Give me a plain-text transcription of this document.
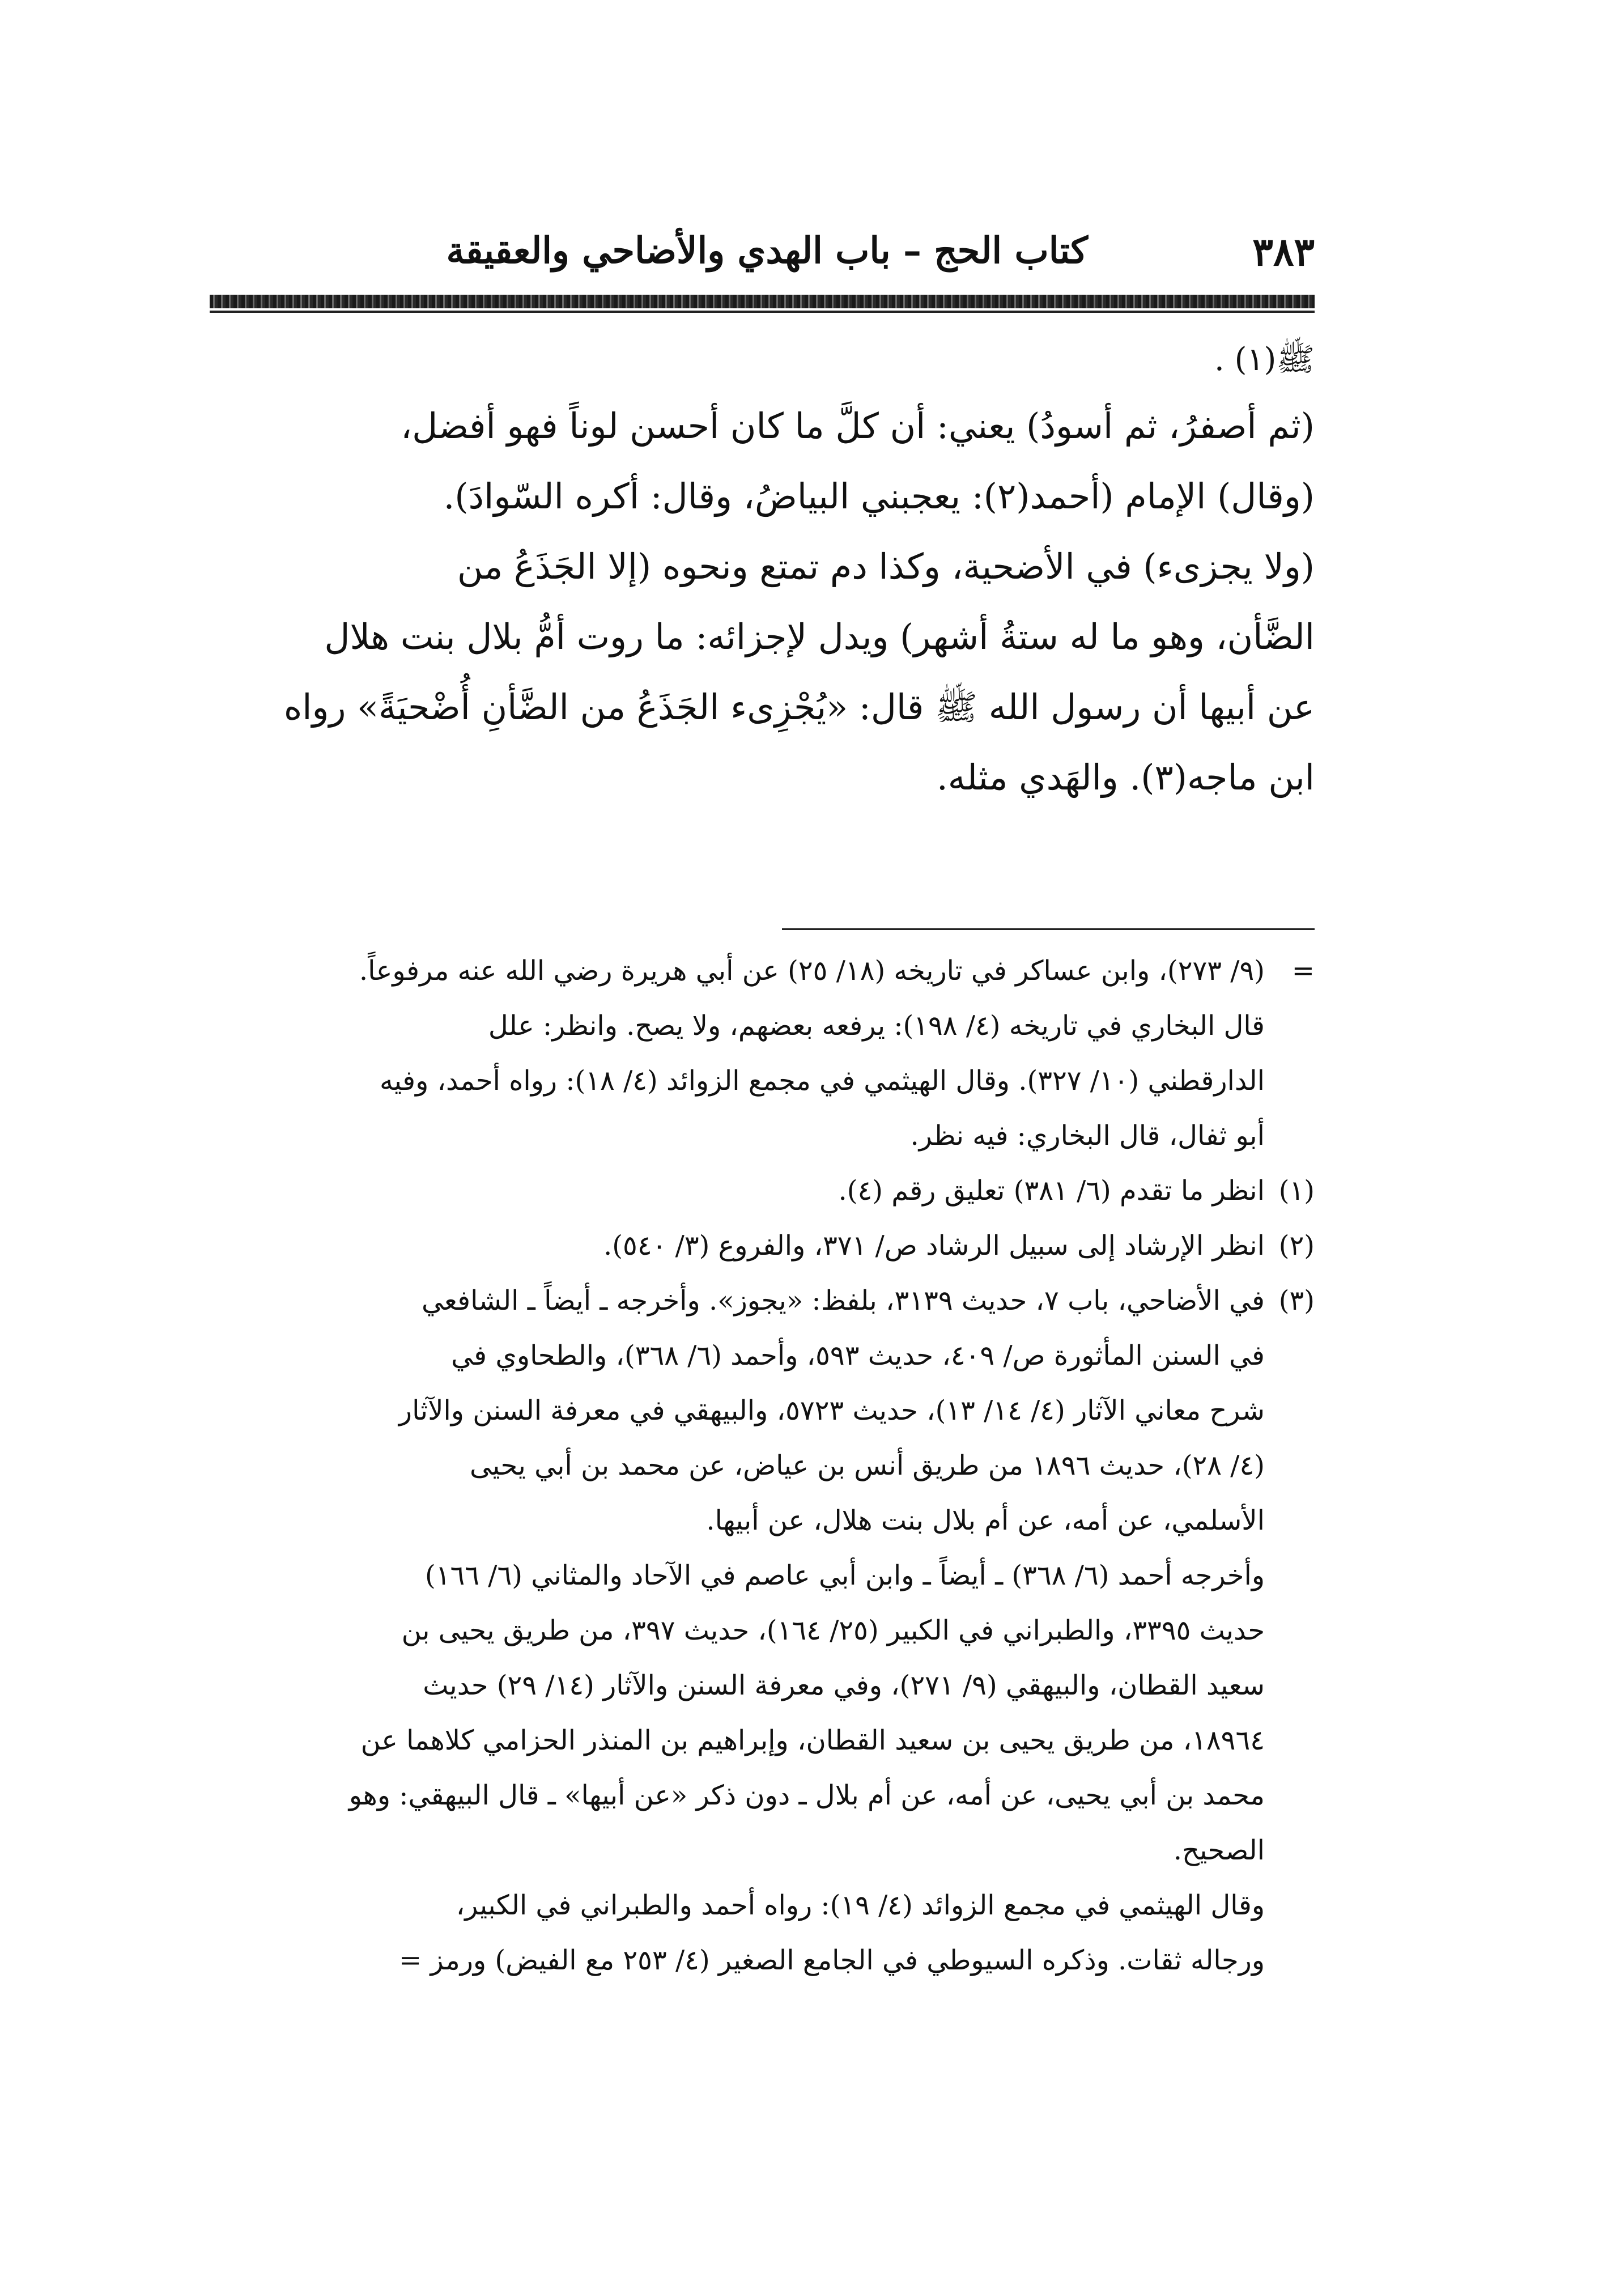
كتاب الحج – باب الهدي والأضاحي والعقيقة	٣٨٣

ﷺ(١) .

(ثم أصفرُ، ثم أسودُ) يعني: أن كلَّ ما كان أحسن لوناً فهو أفضل،

(وقال) الإمام (أحمد(٢): يعجبني البياضُ، وقال: أكره السّوادَ).

(ولا يجزىء) في الأضحية، وكذا دم تمتع ونحوه (إلا الجَذَعُ من

الضَّأن، وهو ما له ستةُ أشهر) ويدل لإجزائه: ما روت أمُّ بلال بنت هلال

عن أبيها أن رسول الله ﷺ قال: «يُجْزِىء الجَذَعُ من الضَّأنِ أُضْحيَةً» رواه

ابن ماجه(٣). والهَدي مثله.

=
(٩/ ٢٧٣)، وابن عساكر في تاريخه (١٨/ ٢٥) عن أبي هريرة رضي الله عنه مرفوعاً.
قال البخاري في تاريخه (٤/ ١٩٨): يرفعه بعضهم، ولا يصح. وانظر: علل
الدارقطني (١٠/ ٣٢٧). وقال الهيثمي في مجمع الزوائد (٤/ ١٨): رواه أحمد، وفيه
أبو ثفال، قال البخاري: فيه نظر.
(١)
انظر ما تقدم (٦/ ٣٨١) تعليق رقم (٤).
(٢)
انظر الإرشاد إلى سبيل الرشاد ص/ ٣٧١، والفروع (٣/ ٥٤٠).
(٣)
في الأضاحي، باب ٧، حديث ٣١٣٩، بلفظ: «يجوز». وأخرجه ـ أيضاً ـ الشافعي
في السنن المأثورة ص/ ٤٠٩، حديث ٥٩٣، وأحمد (٦/ ٣٦٨)، والطحاوي في
شرح معاني الآثار (٤/ ١٤/ ١٣)، حديث ٥٧٢٣، والبيهقي في معرفة السنن والآثار
(٤/ ٢٨)، حديث ١٨٩٦ من طريق أنس بن عياض، عن محمد بن أبي يحيى
الأسلمي، عن أمه، عن أم بلال بنت هلال، عن أبيها.
وأخرجه أحمد (٦/ ٣٦٨) ـ أيضاً ـ وابن أبي عاصم في الآحاد والمثاني (٦/ ١٦٦)
حديث ٣٣٩٥، والطبراني في الكبير (٢٥/ ١٦٤)، حديث ٣٩٧، من طريق يحيى بن
سعيد القطان، والبيهقي (٩/ ٢٧١)، وفي معرفة السنن والآثار (١٤/ ٢٩) حديث
١٨٩٦٤، من طريق يحيى بن سعيد القطان، وإبراهيم بن المنذر الحزامي كلاهما عن
محمد بن أبي يحيى، عن أمه، عن أم بلال ـ دون ذكر «عن أبيها» ـ قال البيهقي: وهو
الصحيح.
وقال الهيثمي في مجمع الزوائد (٤/ ١٩): رواه أحمد والطبراني في الكبير،
ورجاله ثقات. وذكره السيوطي في الجامع الصغير (٤/ ٢٥٣ مع الفيض) ورمز =
